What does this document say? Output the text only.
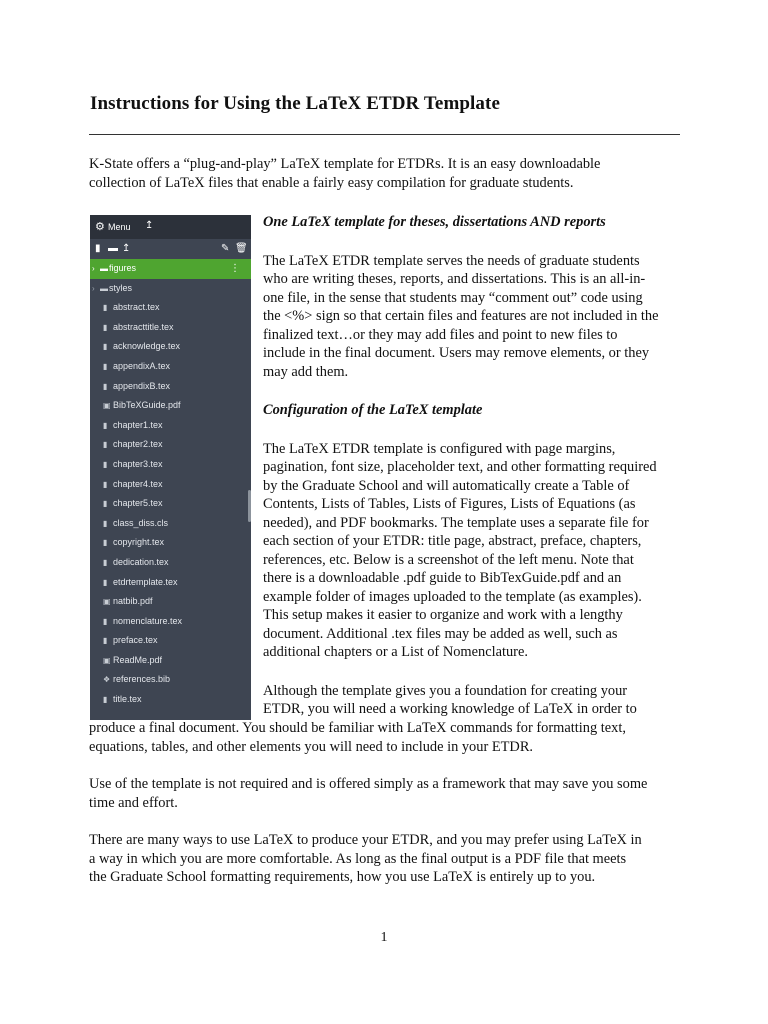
Instructions for Using the LaTeX ETDR Template
K-State offers a “plug-and-play” LaTeX template for ETDRs. It is an easy downloadable
collection of LaTeX files that enable a fairly easy compilation for graduate students.
⚙ Menu ↥
▮ ▬ ↥	✎ 🗑
› ▬ figures	⋮
› ▬ styles
▮ abstract.tex
▮ abstracttitle.tex
▮ acknowledge.tex
▮ appendixA.tex
▮ appendixB.tex
▣ BibTeXGuide.pdf
▮ chapter1.tex
▮ chapter2.tex
▮ chapter3.tex
▮ chapter4.tex
▮ chapter5.tex
▮ class_diss.cls
▮ copyright.tex
▮ dedication.tex
▮ etdrtemplate.tex
▣ natbib.pdf
▮ nomenclature.tex
▮ preface.tex
▣ ReadMe.pdf
❖ references.bib
▮ title.tex

One LaTeX template for theses, dissertations AND reports

The LaTeX ETDR template serves the needs of graduate students

who are writing theses, reports, and dissertations. This is an all-in-

one file, in the sense that students may “comment out” code using

the <%> sign so that certain files and features are not included in the

finalized text…or they may add files and point to new files to

include in the final document. Users may remove elements, or they

may add them.

Configuration of the LaTeX template

The LaTeX ETDR template is configured with page margins,

pagination, font size, placeholder text, and other formatting required

by the Graduate School and will automatically create a Table of

Contents, Lists of Tables, Lists of Figures, Lists of Equations (as

needed), and PDF bookmarks. The template uses a separate file for

each section of your ETDR: title page, abstract, preface, chapters,

references, etc. Below is a screenshot of the left menu. Note that

there is a downloadable .pdf guide to BibTexGuide.pdf and an

example folder of images uploaded to the template (as examples).

This setup makes it easier to organize and work with a lengthy

document. Additional .tex files may be added as well, such as

additional chapters or a List of Nomenclature.

Although the template gives you a foundation for creating your

ETDR, you will need a working knowledge of LaTeX in order to

produce a final document. You should be familiar with LaTeX commands for formatting text,

equations, tables, and other elements you will need to include in your ETDR.

Use of the template is not required and is offered simply as a framework that may save you some

time and effort.

There are many ways to use LaTeX to produce your ETDR, and you may prefer using LaTeX in

a way in which you are more comfortable. As long as the final output is a PDF file that meets

the Graduate School formatting requirements, how you use LaTeX is entirely up to you.

1
